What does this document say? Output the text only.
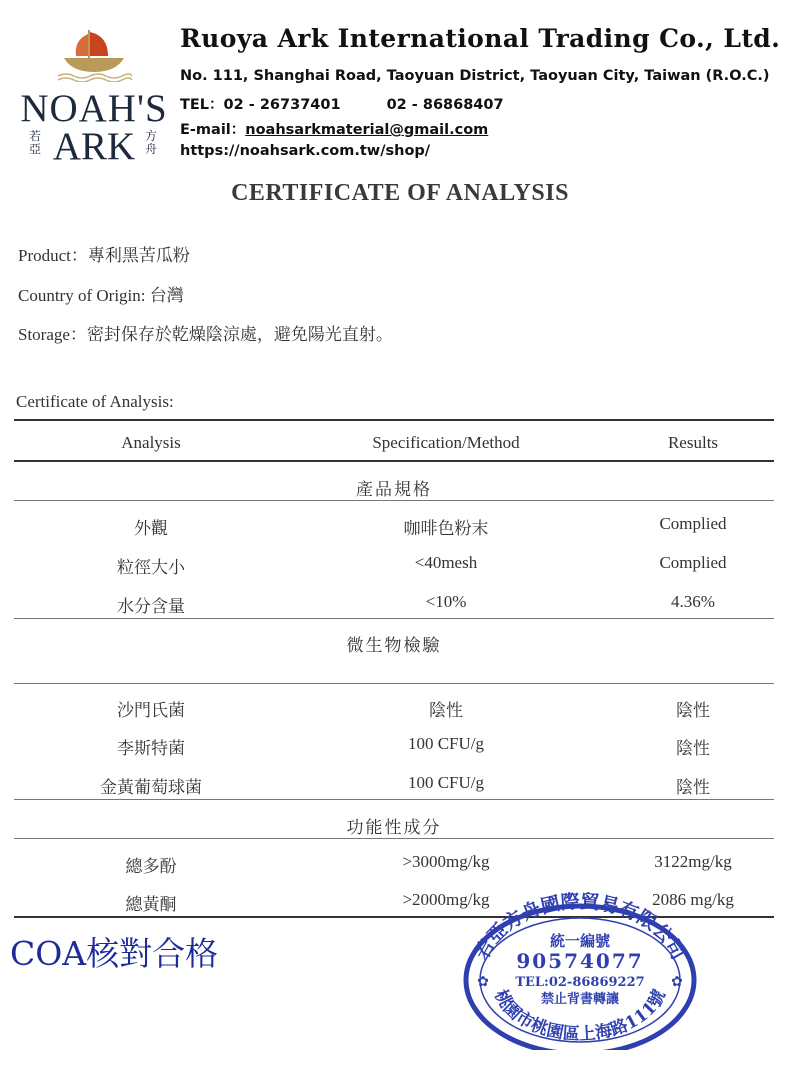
NOAH'S
ARK
若亞
方舟
Ruoya Ark International Trading Co., Ltd.
No. 111, Shanghai Road, Taoyuan District, Taoyuan City, Taiwan (R.O.C.)
TEL：02 - 26737401	02 - 86868407
E-mail：noahsarkmaterial@gmail.com
https://noahsark.com.tw/shop/
CERTIFICATE OF ANALYSIS
Product：專利黑苦瓜粉
Country of Origin: 台灣
Storage：密封保存於乾燥陰涼處，避免陽光直射。
Certificate of Analysis:
Analysis	Specification/Method	Results
產品規格
外觀	咖啡色粉末	Complied
粒徑大小	<40mesh	Complied
水分含量	<10%	4.36%
微生物檢驗
沙門氏菌	陰性	陰性
李斯特菌	100 CFU/g	陰性
金黃葡萄球菌	100 CFU/g	陰性
功能性成分
總多酚	>3000mg/kg	3122mg/kg
總黃酮	>2000mg/kg	2086 mg/kg
COA核對合格	若亞方舟國際貿易有限公司
桃園市桃園區上海路111號
統一編號
90574077
TEL:02-86869227
禁止背書轉讓
✿	✿
